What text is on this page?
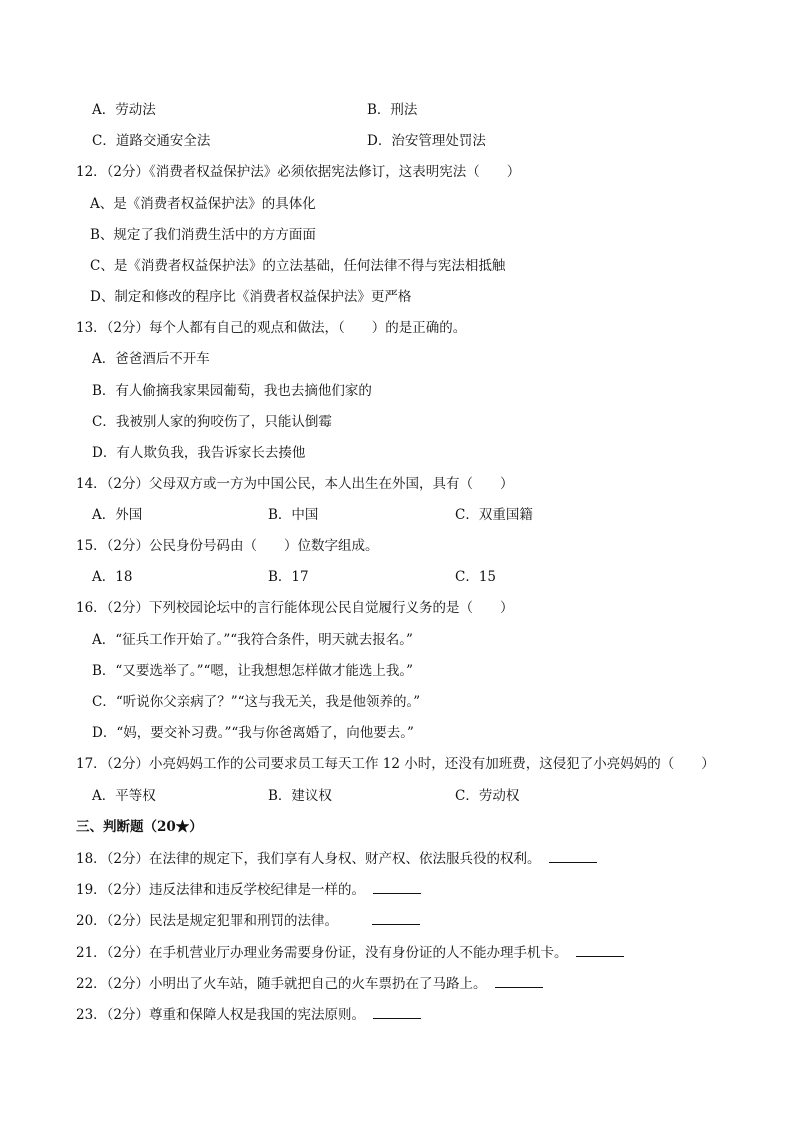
A．劳动法	B．刑法
C．道路交通安全法	D．治安管理处罚法
12．（2分）《消费者权益保护法》必须依据宪法修订，这表明宪法（　　）
A、是《消费者权益保护法》的具体化
B、规定了我们消费生活中的方方面面
C、是《消费者权益保护法》的立法基础，任何法律不得与宪法相抵触
D、制定和修改的程序比《消费者权益保护法》更严格
13．（2分）每个人都有自己的观点和做法，（　　）的是正确的。
A．爸爸酒后不开车
B．有人偷摘我家果园葡萄，我也去摘他们家的
C．我被别人家的狗咬伤了，只能认倒霉
D．有人欺负我，我告诉家长去揍他
14．（2分）父母双方或一方为中国公民，本人出生在外国，具有（　　）
A．外国	B．中国	C．双重国籍
15．（2分）公民身份号码由（　　）位数字组成。
A．18	B．17	C．15
16．（2分）下列校园论坛中的言行能体现公民自觉履行义务的是（　　）
A．“征兵工作开始了。”“我符合条件，明天就去报名。”
B．“又要选举了。”“嗯，让我想想怎样做才能选上我。”
C．“听说你父亲病了？”“这与我无关，我是他领养的。”
D．“妈，要交补习费。”“我与你爸离婚了，向他要去。”
17．（2分）小亮妈妈工作的公司要求员工每天工作 12 小时，还没有加班费，这侵犯了小亮妈妈的（　　）
A．平等权	B．建议权	C．劳动权
三、判断题（20★）
18．（2分）在法律的规定下，我们享有人身权、财产权、依法服兵役的权利。
19．（2分）违反法律和违反学校纪律是一样的。
20．（2分）民法是规定犯罪和刑罚的法律。
21．（2分）在手机营业厅办理业务需要身份证，没有身份证的人不能办理手机卡。
22．（2分）小明出了火车站，随手就把自己的火车票扔在了马路上。
23．（2分）尊重和保障人权是我国的宪法原则。
